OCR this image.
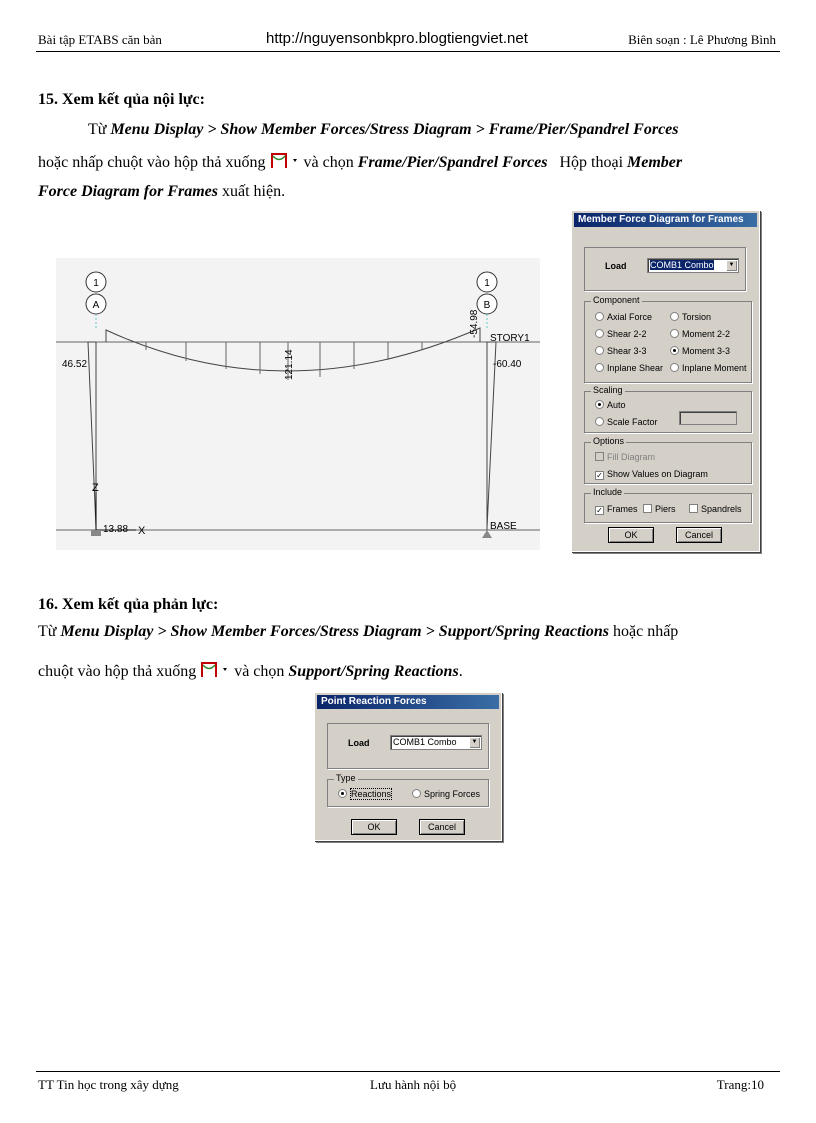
Bài tập ETABS căn bản	http://nguyensonbkpro.blogtiengviet.net	Biên soạn : Lê Phương Bình
15. Xem kết qủa nội lực:
Từ Menu Display > Show Member Forces/Stress Diagram > Frame/Pier/Spandrel Forces
hoặc nhấp chuột vào hộp thả xuống và chọn Frame/Pier/Spandrel Forces Hộp thoại Member
Force Diagram for Frames xuất hiện.
1
A
1
B
STORY1
BASE
46.52	-60.40
121.14
-54.98
Z
X
13.88
Member Force Diagram for Frames
Load	COMB1 Combo	▼
Component
Axial Force	Torsion
Shear 2-2	Moment 2-2
Shear 3-3	Moment 3-3
Inplane Shear	Inplane Moment
Scaling
Auto
Scale Factor
Options
Fill Diagram
✓ Show Values on Diagram
Include
✓ Frames	Piers	Spandrels
OK	Cancel
16. Xem kết qủa phản lực:
Từ Menu Display > Show Member Forces/Stress Diagram > Support/Spring Reactions hoặc nhấp
chuột vào hộp thả xuống và chọn Support/Spring Reactions.
Point Reaction Forces
Load	COMB1 Combo	▼
Type
Reactions	Spring Forces
OK	Cancel
TT Tin học trong xây dựng	Lưu hành nội bộ	Trang:10
